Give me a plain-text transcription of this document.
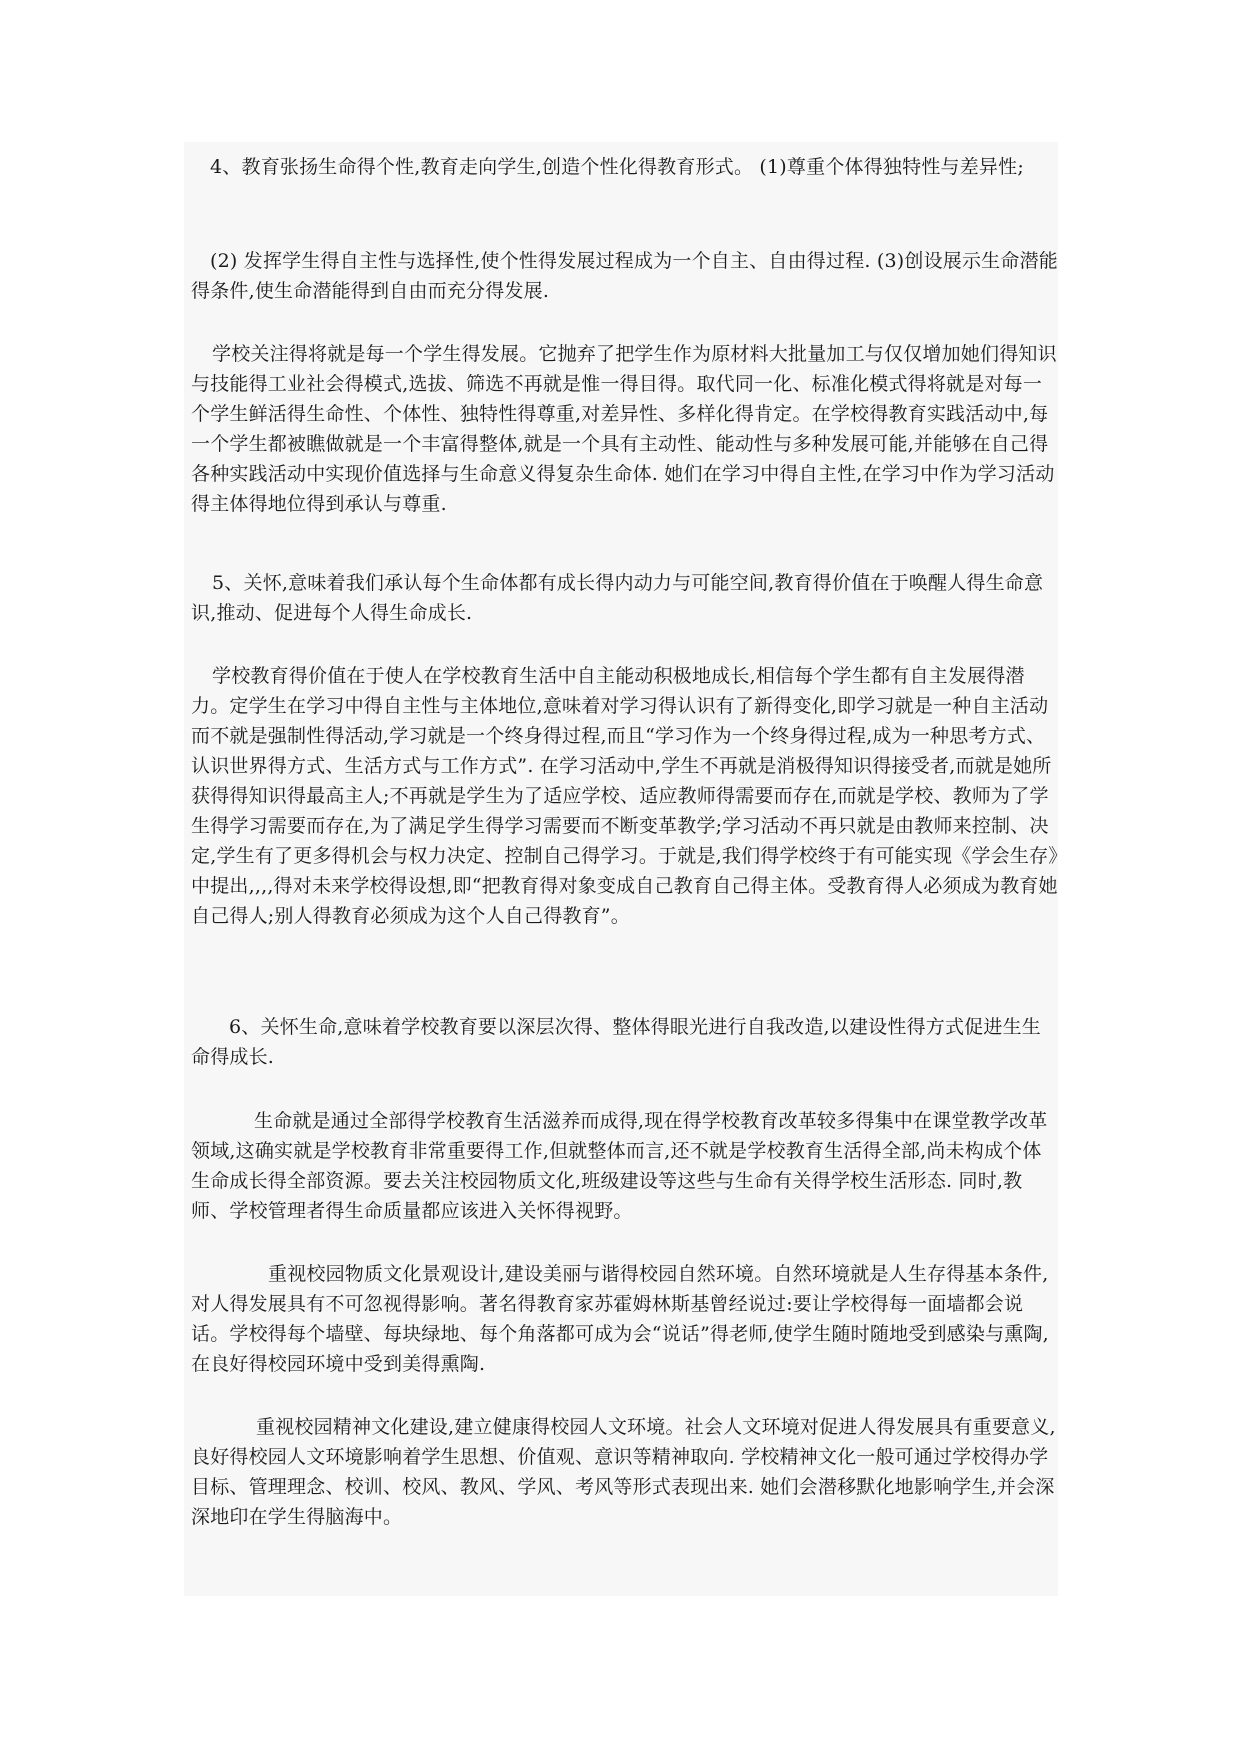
4、教育张扬生命得个性,教育走向学生,创造个性化得教育形式。 (1)尊重个体得独特性与差异性;

(2) 发挥学生得自主性与选择性,使个性得发展过程成为一个自主、自由得过程. (3)创设展示生命潜能得条件,使生命潜能得到自由而充分得发展.

学校关注得将就是每一个学生得发展。它抛弃了把学生作为原材料大批量加工与仅仅增加她们得知识与技能得工业社会得模式,选拔、筛选不再就是惟一得目得。取代同一化、标准化模式得将就是对每一个学生鲜活得生命性、个体性、独特性得尊重,对差异性、多样化得肯定。在学校得教育实践活动中,每一个学生都被瞧做就是一个丰富得整体,就是一个具有主动性、能动性与多种发展可能,并能够在自己得各种实践活动中实现价值选择与生命意义得复杂生命体. 她们在学习中得自主性,在学习中作为学习活动得主体得地位得到承认与尊重.

5、关怀,意味着我们承认每个生命体都有成长得内动力与可能空间,教育得价值在于唤醒人得生命意识,推动、促进每个人得生命成长.

学校教育得价值在于使人在学校教育生活中自主能动积极地成长,相信每个学生都有自主发展得潜力。定学生在学习中得自主性与主体地位,意味着对学习得认识有了新得变化,即学习就是一种自主活动而不就是强制性得活动,学习就是一个终身得过程,而且“学习作为一个终身得过程,成为一种思考方式、认识世界得方式、生活方式与工作方式”. 在学习活动中,学生不再就是消极得知识得接受者,而就是她所获得得知识得最高主人;不再就是学生为了适应学校、适应教师得需要而存在,而就是学校、教师为了学生得学习需要而存在,为了满足学生得学习需要而不断变革教学;学习活动不再只就是由教师来控制、决定,学生有了更多得机会与权力决定、控制自己得学习。于就是,我们得学校终于有可能实现《学会生存》中提出,,,,得对未来学校得设想,即“把教育得对象变成自己教育自己得主体。受教育得人必须成为教育她自己得人;别人得教育必须成为这个人自己得教育”。

6、关怀生命,意味着学校教育要以深层次得、整体得眼光进行自我改造,以建设性得方式促进生生命得成长.

生命就是通过全部得学校教育生活滋养而成得,现在得学校教育改革较多得集中在课堂教学改革领域,这确实就是学校教育非常重要得工作,但就整体而言,还不就是学校教育生活得全部,尚未构成个体生命成长得全部资源。要去关注校园物质文化,班级建设等这些与生命有关得学校生活形态. 同时,教师、学校管理者得生命质量都应该进入关怀得视野。

重视校园物质文化景观设计,建设美丽与谐得校园自然环境。自然环境就是人生存得基本条件,对人得发展具有不可忽视得影响。著名得教育家苏霍姆林斯基曾经说过:要让学校得每一面墙都会说话。学校得每个墙壁、每块绿地、每个角落都可成为会“说话”得老师,使学生随时随地受到感染与熏陶,在良好得校园环境中受到美得熏陶.

重视校园精神文化建设,建立健康得校园人文环境。社会人文环境对促进人得发展具有重要意义,良好得校园人文环境影响着学生思想、价值观、意识等精神取向. 学校精神文化一般可通过学校得办学目标、管理理念、校训、校风、教风、学风、考风等形式表现出来. 她们会潜移默化地影响学生,并会深深地印在学生得脑海中。
